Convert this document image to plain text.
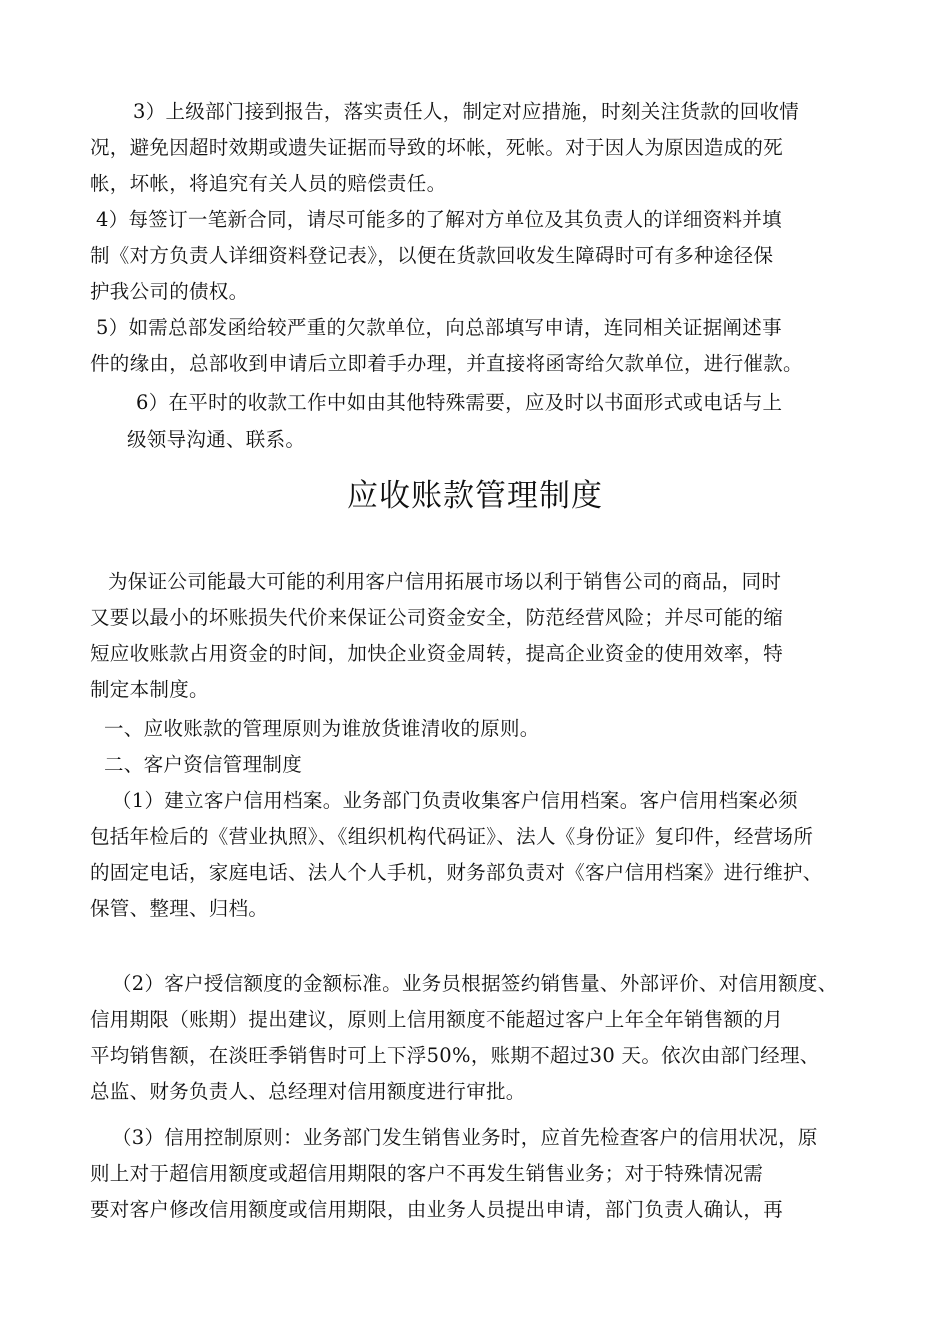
3）上级部门接到报告，落实责任人，制定对应措施，时刻关注货款的回收情
况，避免因超时效期或遗失证据而导致的坏帐，死帐。对于因人为原因造成的死
帐，坏帐，将追究有关人员的赔偿责任。
4）每签订一笔新合同，请尽可能多的了解对方单位及其负责人的详细资料并填
制《对方负责人详细资料登记表》，以便在货款回收发生障碍时可有多种途径保
护我公司的债权。
5）如需总部发函给较严重的欠款单位，向总部填写申请，连同相关证据阐述事
件的缘由，总部收到申请后立即着手办理，并直接将函寄给欠款单位，进行催款。
6）在平时的收款工作中如由其他特殊需要，应及时以书面形式或电话与上
级领导沟通、联系。
应收账款管理制度
为保证公司能最大可能的利用客户信用拓展市场以利于销售公司的商品，同时
又要以最小的坏账损失代价来保证公司资金安全，防范经营风险；并尽可能的缩
短应收账款占用资金的时间，加快企业资金周转，提高企业资金的使用效率，特
制定本制度。
一、应收账款的管理原则为谁放货谁清收的原则。
二、客户资信管理制度
（1）建立客户信用档案。业务部门负责收集客户信用档案。客户信用档案必须
包括年检后的《营业执照》、《组织机构代码证》、法人《身份证》复印件，经营场所
的固定电话，家庭电话、法人个人手机，财务部负责对《客户信用档案》进行维护、
保管、整理、归档。
（2）客户授信额度的金额标准。业务员根据签约销售量、外部评价、对信用额度、
信用期限（账期）提出建议，原则上信用额度不能超过客户上年全年销售额的月
平均销售额，在淡旺季销售时可上下浮50%，账期不超过30 天。依次由部门经理、
总监、财务负责人、总经理对信用额度进行审批。
（3）信用控制原则：业务部门发生销售业务时，应首先检查客户的信用状况，原
则上对于超信用额度或超信用期限的客户不再发生销售业务；对于特殊情况需
要对客户修改信用额度或信用期限，由业务人员提出申请，部门负责人确认，再
